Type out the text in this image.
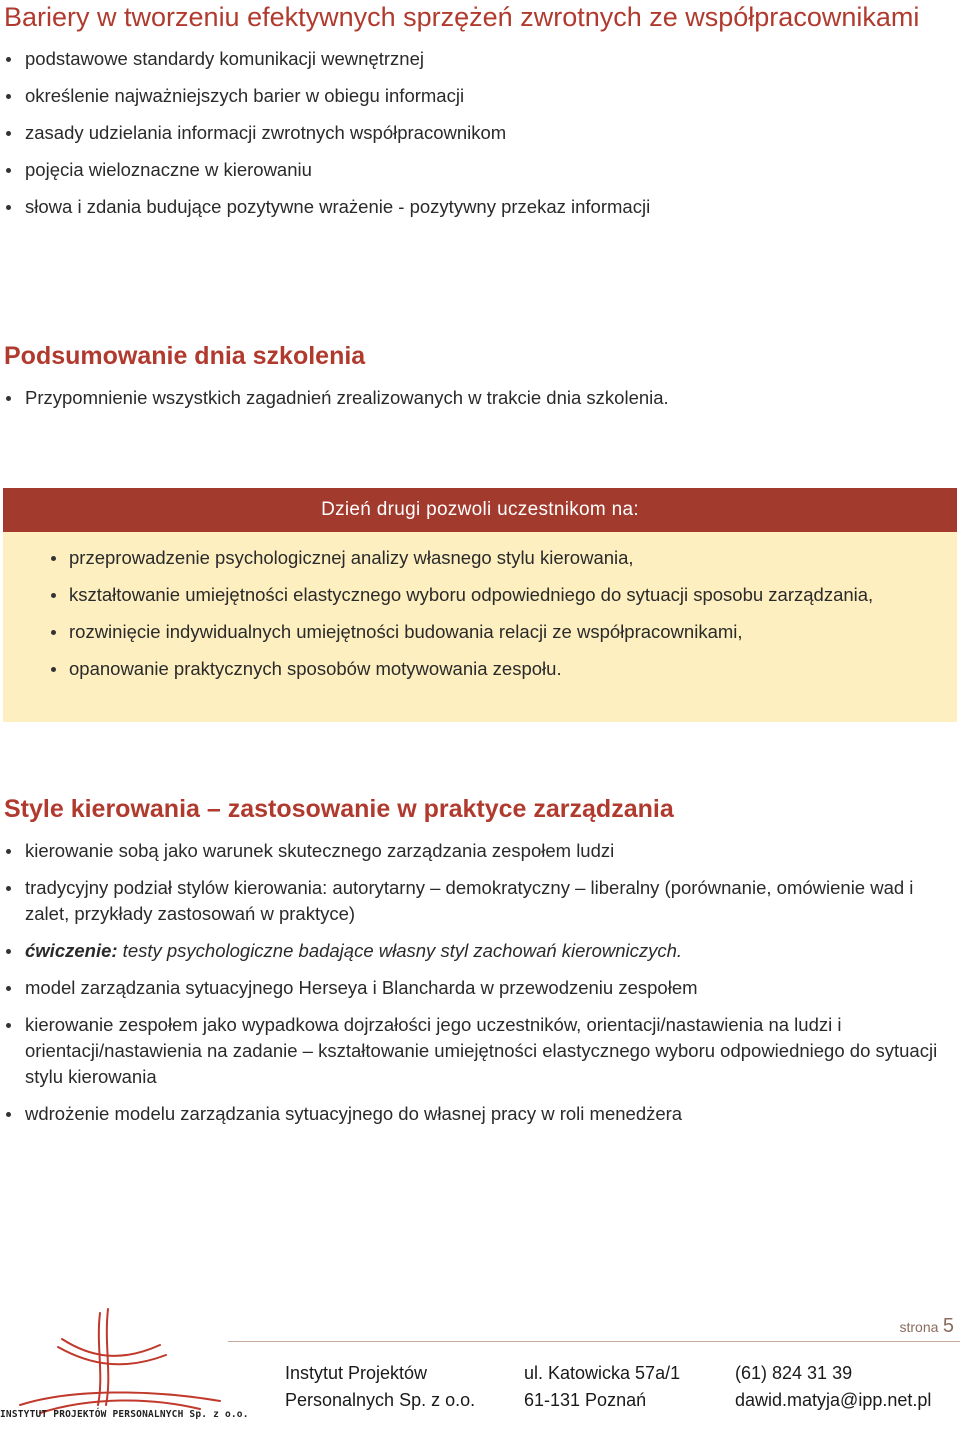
Bariery w tworzeniu efektywnych sprzężeń zwrotnych ze współpracownikami
podstawowe standardy komunikacji wewnętrznej
określenie najważniejszych barier w obiegu informacji
zasady udzielania informacji zwrotnych współpracownikom
pojęcia wieloznaczne w kierowaniu
słowa i zdania budujące pozytywne wrażenie - pozytywny przekaz informacji
Podsumowanie dnia szkolenia
Przypomnienie wszystkich zagadnień zrealizowanych w trakcie dnia szkolenia.
Dzień drugi pozwoli uczestnikom na:
przeprowadzenie psychologicznej analizy własnego stylu kierowania,
kształtowanie umiejętności elastycznego wyboru odpowiedniego do sytuacji sposobu zarządzania,
rozwinięcie indywidualnych umiejętności budowania relacji ze współpracownikami,
opanowanie praktycznych sposobów motywowania zespołu.
Style kierowania – zastosowanie w praktyce zarządzania
kierowanie sobą jako warunek skutecznego zarządzania zespołem ludzi
tradycyjny podział stylów kierowania: autorytarny – demokratyczny – liberalny (porównanie, omówienie wad i zalet, przykłady zastosowań w praktyce)
ćwiczenie: testy psychologiczne badające własny styl zachowań kierowniczych.
model zarządzania sytuacyjnego Herseya i Blancharda w przewodzeniu zespołem
kierowanie zespołem jako wypadkowa dojrzałości jego uczestników, orientacji/nastawienia na ludzi i orientacji/nastawienia na zadanie – kształtowanie umiejętności elastycznego wyboru odpowiedniego do sytuacji stylu kierowania
wdrożenie modelu zarządzania sytuacyjnego do własnej pracy w roli menedżera
INSTYTUT PROJEKTÓW PERSONALNYCH Sp. z o.o.
strona 5
Instytut Projektów
Personalnych Sp. z o.o.
ul. Katowicka 57a/1
61-131 Poznań
(61) 824 31 39
dawid.matyja@ipp.net.pl
